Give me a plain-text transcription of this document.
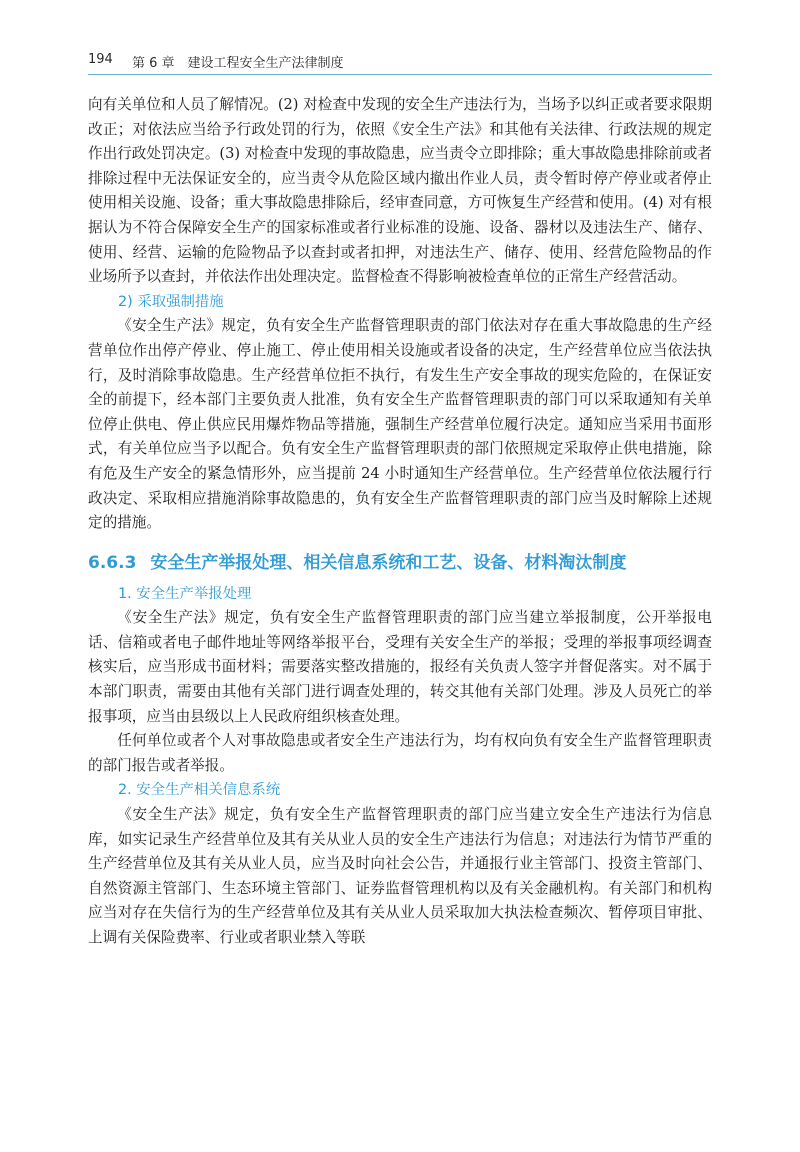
194 第 6 章　建设工程安全生产法律制度

向有关单位和人员了解情况。(2) 对检查中发现的安全生产违法行为，当场予以纠正或者要求限期改正；对依法应当给予行政处罚的行为，依照《安全生产法》和其他有关法律、行政法规的规定作出行政处罚决定。(3) 对检查中发现的事故隐患，应当责令立即排除；重大事故隐患排除前或者排除过程中无法保证安全的，应当责令从危险区域内撤出作业人员，责令暂时停产停业或者停止使用相关设施、设备；重大事故隐患排除后，经审查同意，方可恢复生产经营和使用。(4) 对有根据认为不符合保障安全生产的国家标准或者行业标准的设施、设备、器材以及违法生产、储存、使用、经营、运输的危险物品予以查封或者扣押，对违法生产、储存、使用、经营危险物品的作业场所予以查封，并依法作出处理决定。监督检查不得影响被检查单位的正常生产经营活动。

2) 采取强制措施

《安全生产法》规定，负有安全生产监督管理职责的部门依法对存在重大事故隐患的生产经营单位作出停产停业、停止施工、停止使用相关设施或者设备的决定，生产经营单位应当依法执行，及时消除事故隐患。生产经营单位拒不执行，有发生生产安全事故的现实危险的，在保证安全的前提下，经本部门主要负责人批准，负有安全生产监督管理职责的部门可以采取通知有关单位停止供电、停止供应民用爆炸物品等措施，强制生产经营单位履行决定。通知应当采用书面形式，有关单位应当予以配合。负有安全生产监督管理职责的部门依照规定采取停止供电措施，除有危及生产安全的紧急情形外，应当提前 24 小时通知生产经营单位。生产经营单位依法履行行政决定、采取相应措施消除事故隐患的，负有安全生产监督管理职责的部门应当及时解除上述规定的措施。

6.6.3 安全生产举报处理、相关信息系统和工艺、设备、材料淘汰制度
1. 安全生产举报处理

《安全生产法》规定，负有安全生产监督管理职责的部门应当建立举报制度，公开举报电话、信箱或者电子邮件地址等网络举报平台，受理有关安全生产的举报；受理的举报事项经调查核实后，应当形成书面材料；需要落实整改措施的，报经有关负责人签字并督促落实。对不属于本部门职责，需要由其他有关部门进行调查处理的，转交其他有关部门处理。涉及人员死亡的举报事项，应当由县级以上人民政府组织核查处理。

任何单位或者个人对事故隐患或者安全生产违法行为，均有权向负有安全生产监督管理职责的部门报告或者举报。

2. 安全生产相关信息系统

《安全生产法》规定，负有安全生产监督管理职责的部门应当建立安全生产违法行为信息库，如实记录生产经营单位及其有关从业人员的安全生产违法行为信息；对违法行为情节严重的生产经营单位及其有关从业人员，应当及时向社会公告，并通报行业主管部门、投资主管部门、自然资源主管部门、生态环境主管部门、证券监督管理机构以及有关金融机构。有关部门和机构应当对存在失信行为的生产经营单位及其有关从业人员采取加大执法检查频次、暂停项目审批、上调有关保险费率、行业或者职业禁入等联
